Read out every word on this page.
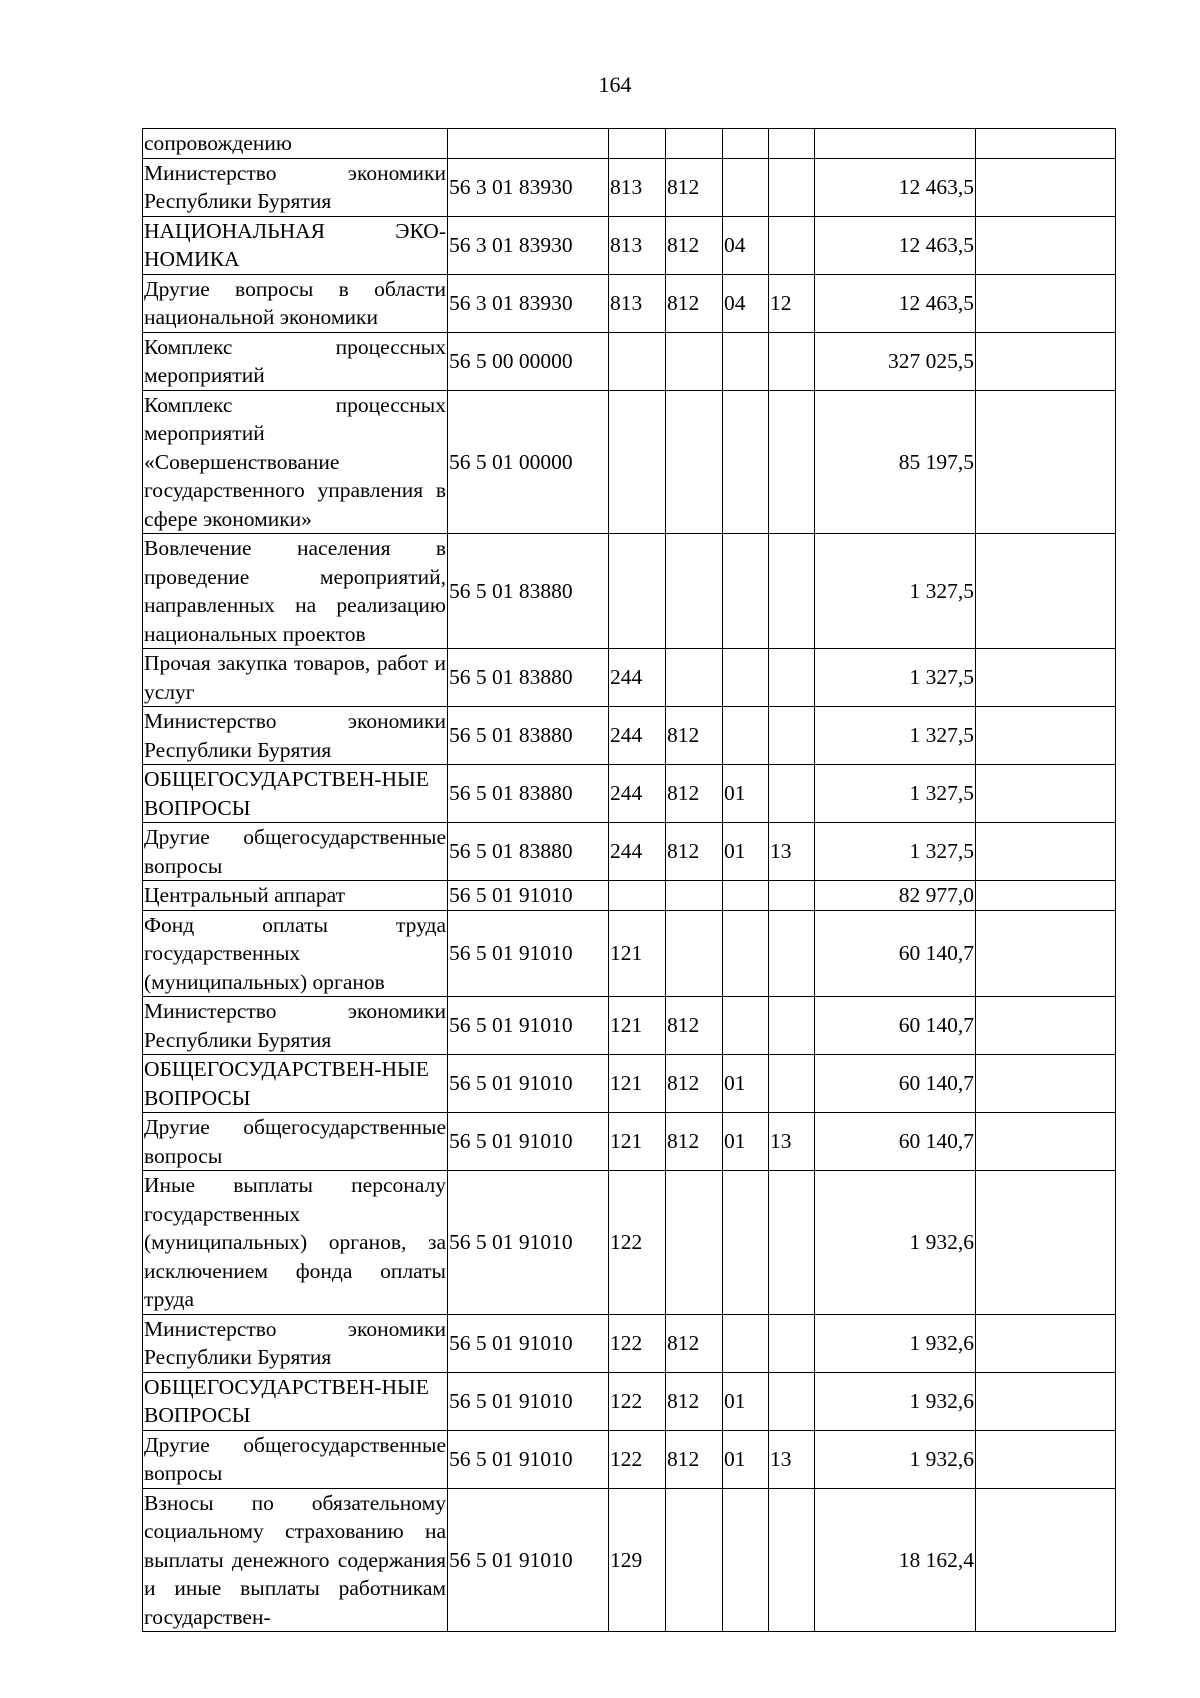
164
сопровождению							
Министерство экономики Республики Бурятия	56 3 01 83930	813	812			12 463,5	
НАЦИОНАЛЬНАЯ ЭКО-НОМИКА	56 3 01 83930	813	812	04		12 463,5	
Другие вопросы в области национальной экономики	56 3 01 83930	813	812	04	12	12 463,5	
Комплекс процессных мероприятий	56 5 00 00000					327 025,5	
Комплекс процессных мероприятий «Совершенствование государственного управления в сфере экономики»	56 5 01 00000					85 197,5	
Вовлечение населения в проведение мероприятий, направленных на реализацию национальных проектов	56 5 01 83880					1 327,5	
Прочая закупка товаров, работ и услуг	56 5 01 83880	244				1 327,5	
Министерство экономики Республики Бурятия	56 5 01 83880	244	812			1 327,5	
ОБЩЕГОСУДАРСТВЕН-НЫЕ ВОПРОСЫ	56 5 01 83880	244	812	01		1 327,5	
Другие общегосударственные вопросы	56 5 01 83880	244	812	01	13	1 327,5	
Центральный аппарат	56 5 01 91010					82 977,0	
Фонд оплаты труда государственных (муниципальных) органов	56 5 01 91010	121				60 140,7	
Министерство экономики Республики Бурятия	56 5 01 91010	121	812			60 140,7	
ОБЩЕГОСУДАРСТВЕН-НЫЕ ВОПРОСЫ	56 5 01 91010	121	812	01		60 140,7	
Другие общегосударственные вопросы	56 5 01 91010	121	812	01	13	60 140,7	
Иные выплаты персоналу государственных (муниципальных) органов, за исключением фонда оплаты труда	56 5 01 91010	122				1 932,6	
Министерство экономики Республики Бурятия	56 5 01 91010	122	812			1 932,6	
ОБЩЕГОСУДАРСТВЕН-НЫЕ ВОПРОСЫ	56 5 01 91010	122	812	01		1 932,6	
Другие общегосударственные вопросы	56 5 01 91010	122	812	01	13	1 932,6	
Взносы по обязательному социальному страхованию на выплаты денежного содержания и иные выплаты работникам государствен-	56 5 01 91010	129				18 162,4	
